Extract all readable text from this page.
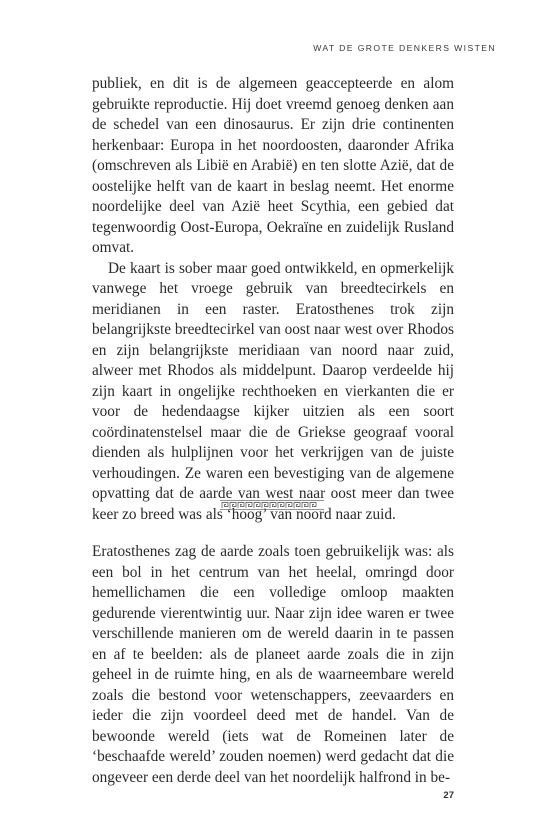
WAT DE GROTE DENKERS WISTEN

publiek, en dit is de algemeen geaccepteerde en alom gebruikte reproductie. Hij doet vreemd genoeg denken aan de schedel van een dinosaurus. Er zijn drie continenten herkenbaar: Europa in het noordoosten, daaronder Afrika (omschreven als Libië en Arabië) en ten slotte Azië, dat de oostelijke helft van de kaart in beslag neemt. Het enorme noordelijke deel van Azië heet Scythia, een gebied dat tegenwoordig Oost-Europa, Oekraïne en zuidelijk Rusland omvat.

De kaart is sober maar goed ontwikkeld, en opmerkelijk vanwege het vroege gebruik van breedtecirkels en meridianen in een raster. Eratosthenes trok zijn belangrijkste breedtecirkel van oost naar west over Rhodos en zijn belangrijkste meridiaan van noord naar zuid, alweer met Rhodos als middelpunt. Daarop verdeelde hij zijn kaart in ongelijke rechthoeken en vierkanten die er voor de hedendaagse kijker uitzien als een soort coördinatenstelsel maar die de Griekse geograaf vooral dienden als hulplijnen voor het verkrijgen van de juiste verhoudingen. Ze waren een bevestiging van de algemene opvatting dat de aarde van west naar oost meer dan twee keer zo breed was als ‘hoog’ van noord naar zuid.

Eratosthenes zag de aarde zoals toen gebruikelijk was: als een bol in het centrum van het heelal, omringd door hemellichamen die een volledige omloop maakten gedurende vierentwintig uur. Naar zijn idee waren er twee verschillende manieren om de wereld daarin in te passen en af te beelden: als de planeet aarde zoals die in zijn geheel in de ruimte hing, en als de waarneembare wereld zoals die bestond voor wetenschappers, zeevaarders en ieder die zijn voordeel deed met de handel. Van de bewoonde wereld (iets wat de Romeinen later de ‘beschaafde wereld’ zouden noemen) werd gedacht dat die ongeveer een derde deel van het noordelijk halfrond in be-

27
